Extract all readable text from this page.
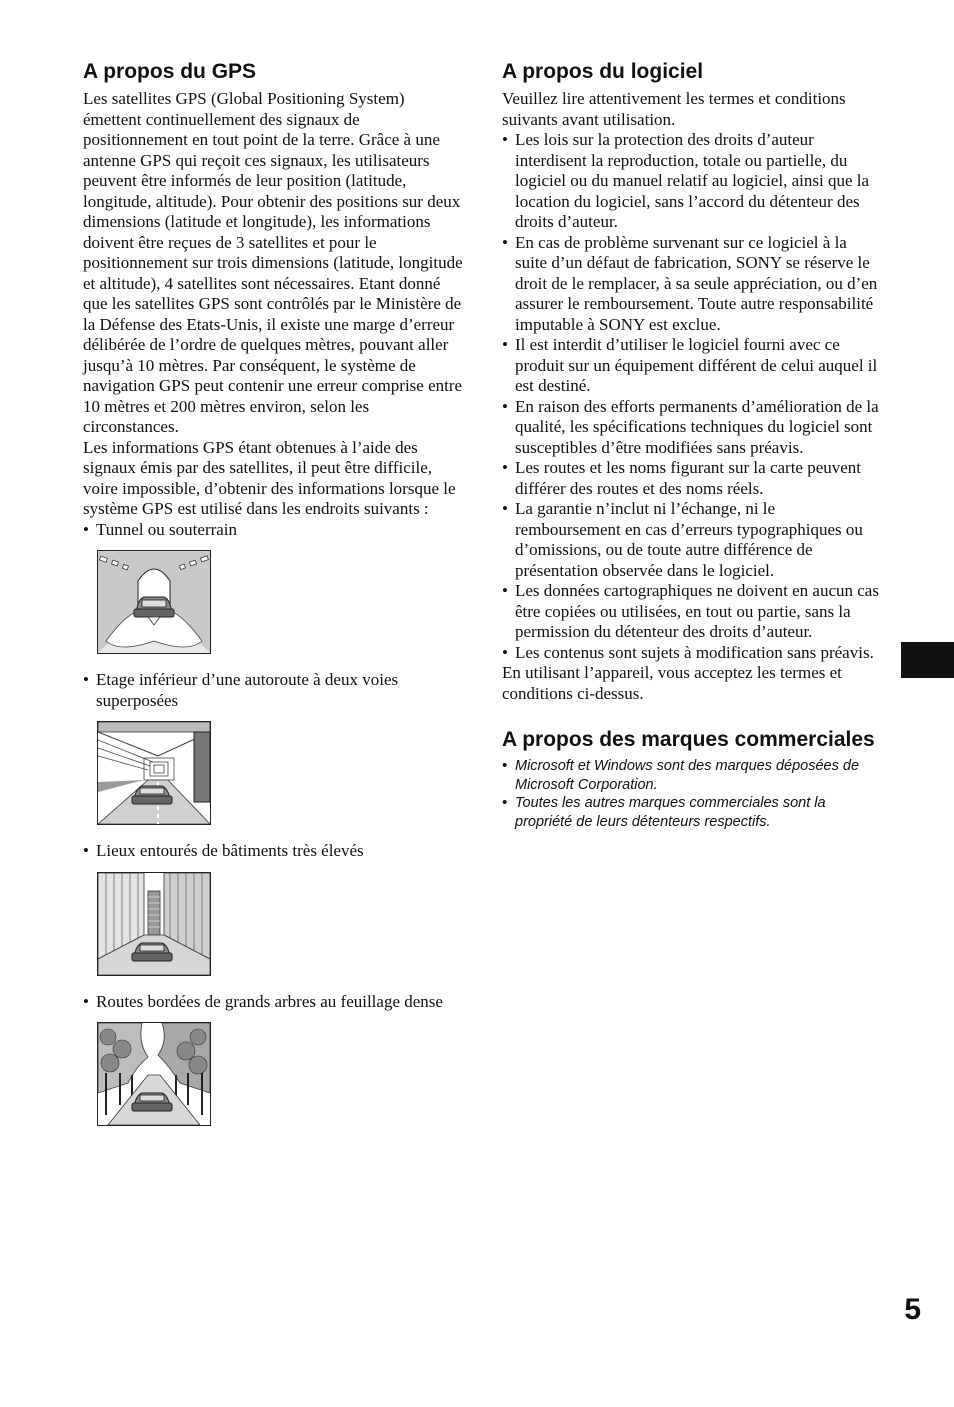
A propos du GPS

Les satellites GPS (Global Positioning System) émettent continuellement des signaux de positionnement en tout point de la terre. Grâce à une antenne GPS qui reçoit ces signaux, les utilisateurs peuvent être informés de leur position (latitude, longitude, altitude). Pour obtenir des positions sur deux dimensions (latitude et longitude), les informations doivent être reçues de 3 satellites et pour le positionnement sur trois dimensions (latitude, longitude et altitude), 4 satellites sont nécessaires. Etant donné que les satellites GPS sont contrôlés par le Ministère de la Défense des Etats-Unis, il existe une marge d’erreur délibérée de l’ordre de quelques mètres, pouvant aller jusqu’à 10 mètres. Par conséquent, le système de navigation GPS peut contenir une erreur comprise entre 10 mètres et 200 mètres environ, selon les circonstances.

Les informations GPS étant obtenues à l’aide des signaux émis par des satellites, il peut être difficile, voire impossible, d’obtenir des informations lorsque le système GPS est utilisé dans les endroits suivants :

• Tunnel ou souterrain
• Etage inférieur d’une autoroute à deux voies superposées
• Lieux entourés de bâtiments très élevés
• Routes bordées de grands arbres au feuillage dense
A propos du logiciel

Veuillez lire attentivement les termes et conditions suivants avant utilisation.

• Les lois sur la protection des droits d’auteur interdisent la reproduction, totale ou partielle, du logiciel ou du manuel relatif au logiciel, ainsi que la location du logiciel, sans l’accord du détenteur des droits d’auteur.
• En cas de problème survenant sur ce logiciel à la suite d’un défaut de fabrication, SONY se réserve le droit de le remplacer, à sa seule appréciation, ou d’en assurer le remboursement. Toute autre responsabilité imputable à SONY est exclue.
• Il est interdit d’utiliser le logiciel fourni avec ce produit sur un équipement différent de celui auquel il est destiné.
• En raison des efforts permanents d’amélioration de la qualité, les spécifications techniques du logiciel sont susceptibles d’être modifiées sans préavis.
• Les routes et les noms figurant sur la carte peuvent différer des routes et des noms réels.
• La garantie n’inclut ni l’échange, ni le remboursement en cas d’erreurs typographiques ou d’omissions, ou de toute autre différence de présentation observée dans le logiciel.
• Les données cartographiques ne doivent en aucun cas être copiées ou utilisées, en tout ou partie, sans la permission du détenteur des droits d’auteur.
• Les contenus sont sujets à modification sans préavis.

En utilisant l’appareil, vous acceptez les termes et conditions ci-dessus.

A propos des marques commerciales
• Microsoft et Windows sont des marques déposées de Microsoft Corporation.
• Toutes les autres marques commerciales sont la propriété de leurs détenteurs respectifs.
5
